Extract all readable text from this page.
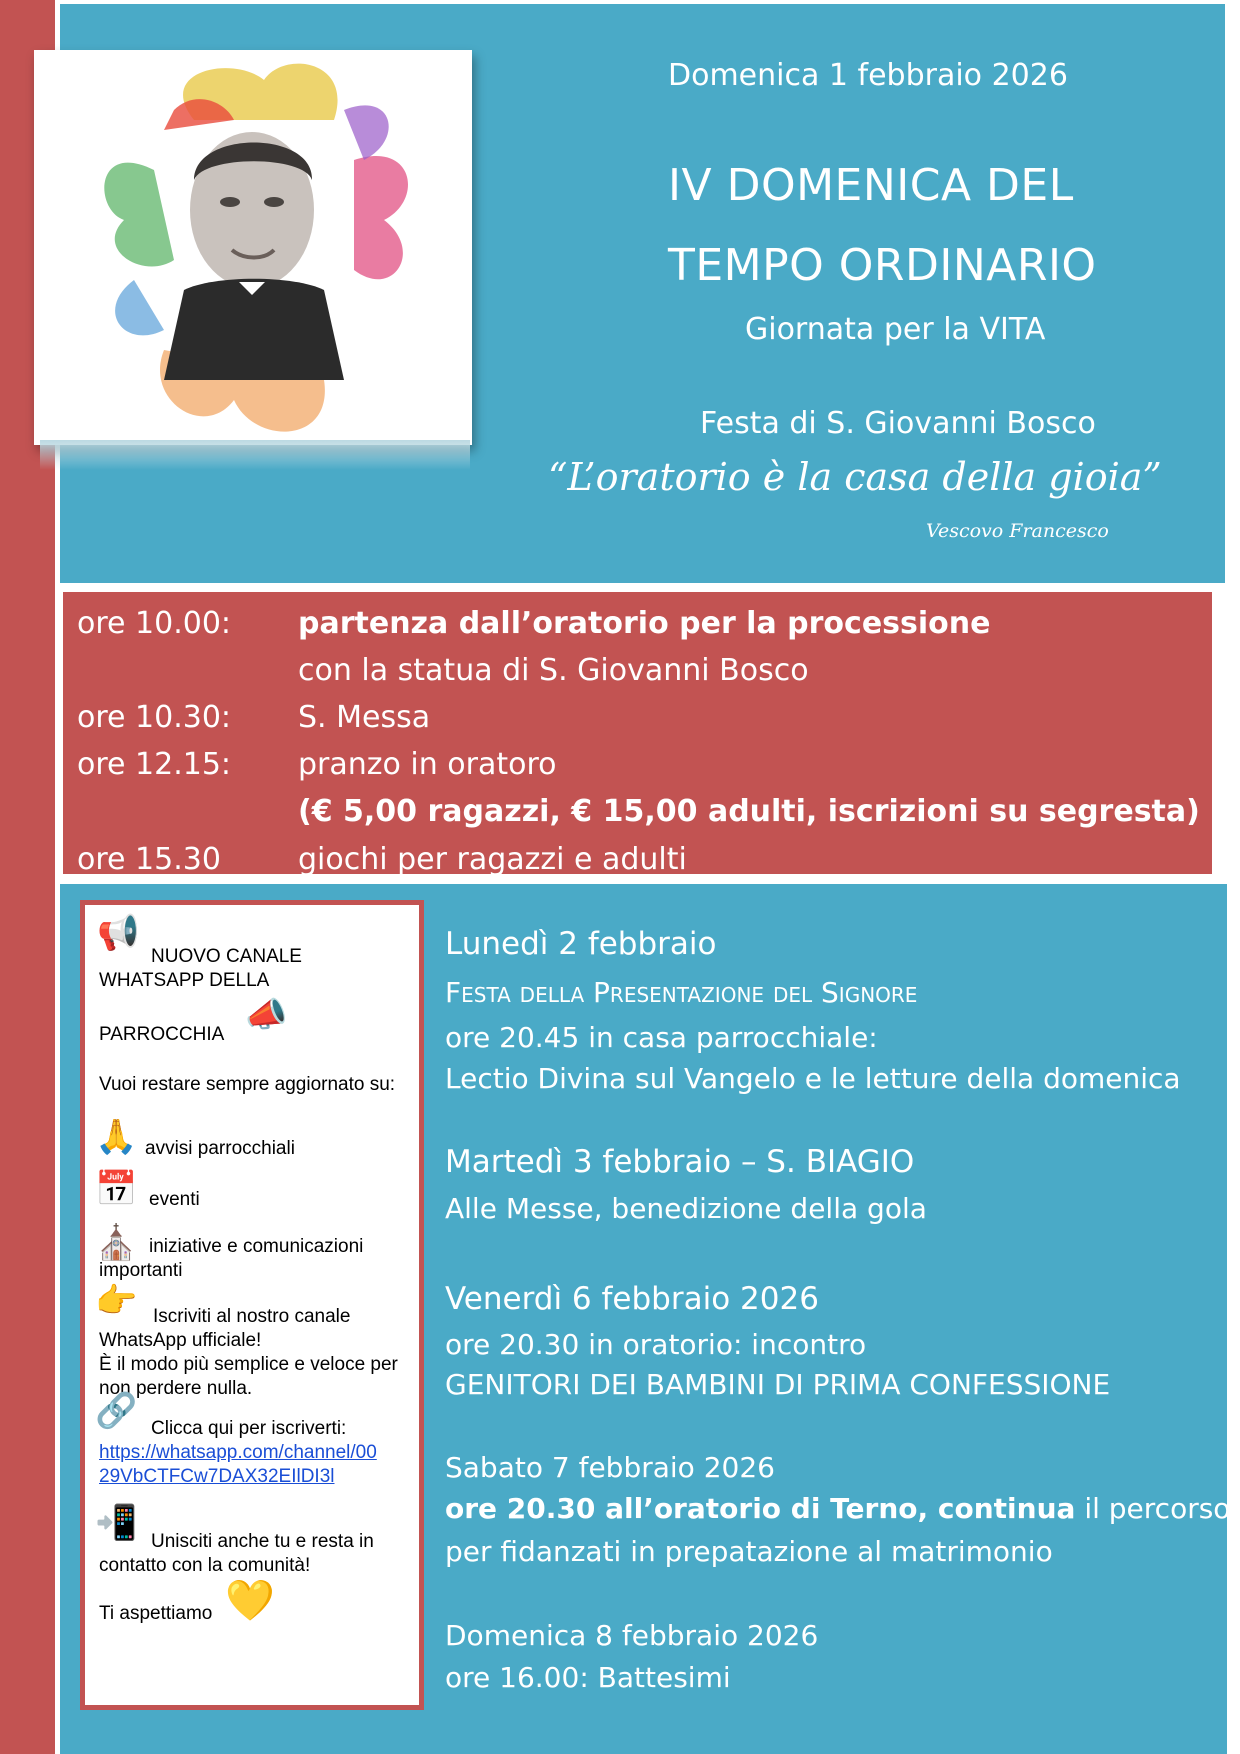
Domenica 1 febbraio 2026
IV DOMENICA DEL
TEMPO ORDINARIO
Giornata per la VITA
Festa di S. Giovanni Bosco
“L’oratorio è la casa della gioia”
Vescovo Francesco
ore 10.00: partenza dall’oratorio per la processione
con la statua di S. Giovanni Bosco
ore 10.30: S. Messa
ore 12.15: pranzo in oratoro
(€ 5,00 ragazzi, € 15,00 adulti, iscrizioni su segresta)
ore 15.30	giochi per ragazzi e adulti
📢
NUOVO CANALE
WHATSAPP DELLA
PARROCCHIA
📣
Vuoi restare sempre aggiornato su:
🙏 avvisi parrocchiali
📅 eventi
⛪ iniziative e comunicazioni importanti
👉 Iscriviti al nostro canale WhatsApp ufficiale!
È il modo più semplice e veloce per non perdere nulla.
🔗 Clicca qui per iscriverti:
https://whatsapp.com/channel/00
29VbCTFCw7DAX32EIlDI3l
📲 Unisciti anche tu e resta in contatto con la comunità!
Ti aspettiamo 💛
Lunedì 2 febbraio
Festa della Presentazione del Signore
ore 20.45 in casa parrocchiale:
Lectio Divina sul Vangelo e le letture della domenica
Martedì 3 febbraio – S. BIAGIO
Alle Messe, benedizione della gola
Venerdì 6 febbraio 2026
ore 20.30 in oratorio: incontro
GENITORI DEI BAMBINI DI PRIMA CONFESSIONE
Sabato 7 febbraio 2026
ore 20.30 all’oratorio di Terno, continua il percorso
per fidanzati in prepatazione al matrimonio
Domenica 8 febbraio 2026
ore 16.00: Battesimi
